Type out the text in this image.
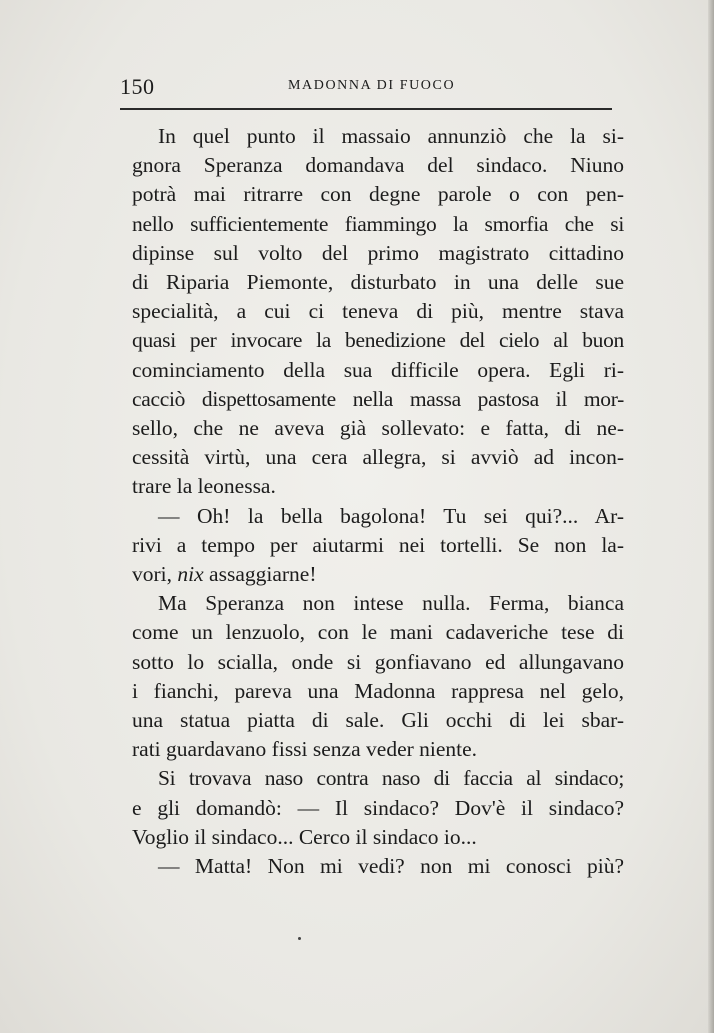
150	MADONNA DI FUOCO
In quel punto il massaio annunziò che la si-
gnora Speranza domandava del sindaco. Niuno
potrà mai ritrarre con degne parole o con pen-
nello sufficientemente fiammingo la smorfia che si
dipinse sul volto del primo magistrato cittadino
di Riparia Piemonte, disturbato in una delle sue
specialità, a cui ci teneva di più, mentre stava
quasi per invocare la benedizione del cielo al buon
cominciamento della sua difficile opera. Egli ri-
cacciò dispettosamente nella massa pastosa il mor-
sello, che ne aveva già sollevato: e fatta, di ne-
cessità virtù, una cera allegra, si avviò ad incon-
trare la leonessa.
— Oh! la bella bagolona! Tu sei qui?... Ar-
rivi a tempo per aiutarmi nei tortelli. Se non la-
vori, nix assaggiarne!
Ma Speranza non intese nulla. Ferma, bianca
come un lenzuolo, con le mani cadaveriche tese di
sotto lo scialla, onde si gonfiavano ed allungavano
i fianchi, pareva una Madonna rappresa nel gelo,
una statua piatta di sale. Gli occhi di lei sbar-
rati guardavano fissi senza veder niente.
Si trovava naso contra naso di faccia al sindaco;
e gli domandò: — Il sindaco? Dov'è il sindaco?
Voglio il sindaco... Cerco il sindaco io...
— Matta! Non mi vedi? non mi conosci più?
